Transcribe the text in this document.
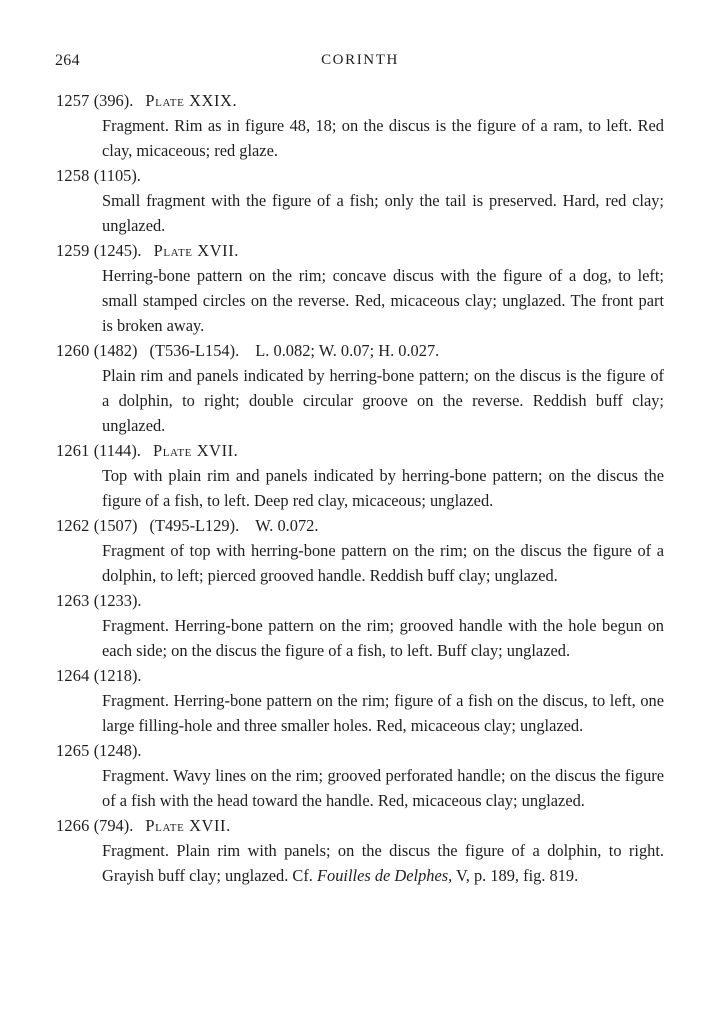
264	CORINTH
1257 (396). Plate XXIX.
Fragment. Rim as in figure 48, 18; on the discus is the figure of a ram, to left. Red clay, micaceous; red glaze.
1258 (1105).
Small fragment with the figure of a fish; only the tail is preserved. Hard, red clay; unglazed.
1259 (1245). Plate XVII.
Herring-bone pattern on the rim; concave discus with the figure of a dog, to left; small stamped circles on the reverse. Red, micaceous clay; unglazed. The front part is broken away.
1260 (1482) (T536-L154). L. 0.082; W. 0.07; H. 0.027.
Plain rim and panels indicated by herring-bone pattern; on the discus is the figure of a dolphin, to right; double circular groove on the reverse. Reddish buff clay; unglazed.
1261 (1144). Plate XVII.
Top with plain rim and panels indicated by herring-bone pattern; on the discus the figure of a fish, to left. Deep red clay, micaceous; unglazed.
1262 (1507) (T495-L129). W. 0.072.
Fragment of top with herring-bone pattern on the rim; on the discus the figure of a dolphin, to left; pierced grooved handle. Reddish buff clay; unglazed.
1263 (1233).
Fragment. Herring-bone pattern on the rim; grooved handle with the hole begun on each side; on the discus the figure of a fish, to left. Buff clay; unglazed.
1264 (1218).
Fragment. Herring-bone pattern on the rim; figure of a fish on the discus, to left, one large filling-hole and three smaller holes. Red, micaceous clay; unglazed.
1265 (1248).
Fragment. Wavy lines on the rim; grooved perforated handle; on the discus the figure of a fish with the head toward the handle. Red, micaceous clay; unglazed.
1266 (794). Plate XVII.
Fragment. Plain rim with panels; on the discus the figure of a dolphin, to right. Grayish buff clay; unglazed. Cf. Fouilles de Delphes, V, p. 189, fig. 819.
